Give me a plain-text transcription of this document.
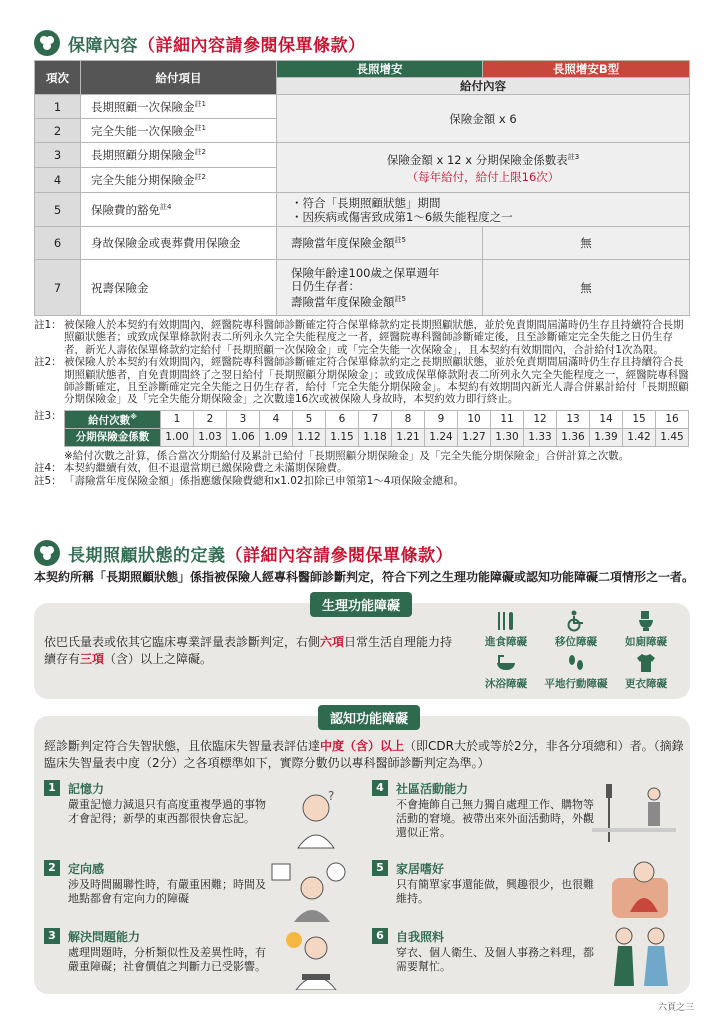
保障內容（詳細內容請參閱保單條款）
項次	給付項目	長照增安	長照增安B型
		給付內容	
1	長期照顧一次保險金$^{註1}$	保險金額 x 6	
2	完全失能一次保險金$^{註1}$
3	長期照顧分期保險金$^{註2}$	保險金額 x 12 x 分期保險金係數表$^{註3}$
（每年給付，給付上限16次）	

4	完全失能分期保險金$^{註2}$
5	保險費的豁免$^{註4}$	・符合「長期照顧狀態」期間
・因疾病或傷害致成第1～6級失能程度之一	

6	身故保險金或喪葬費用保險金	壽險當年度保險金額$^{註5}$	無
7	祝壽保險金	保險年齡達100歲之保單週年
日仍生存者：
壽險當年度保險金額$^{註5}$	無
註1： 被保險人於本契約有效期間內，經醫院專科醫師診斷確定符合保單條款約定長期照顧狀態，並於免責期間屆滿時仍生存且持續符合長期照顧狀態者；或致成保單條款附表二所列永久完全失能程度之一者，經醫院專科醫師診斷確定後，且至診斷確定完全失能之日仍生存者，新光人壽依保單條款約定給付「長期照顧一次保險金」或「完全失能一次保險金」，且本契約有效期間內，合計給付1次為限。
註2： 被保險人於本契約有效期間內，經醫院專科醫師診斷確定符合保單條款約定之長期照顧狀態，並於免責期間屆滿時仍生存且持續符合長期照顧狀態者，自免責期間終了之翌日給付「長期照顧分期保險金」；或致成保單條款附表二所列永久完全失能程度之一，經醫院專科醫師診斷確定，且至診斷確定完全失能之日仍生存者，給付「完全失能分期保險金」。本契約有效期間內新光人壽合併累計給付「長期照顧分期保險金」及「完全失能分期保險金」之次數達16次或被保險人身故時，本契約效力即行終止。
註3：	給付次數※	1	2	3	4	5	6	7	8	9	10	11	12	13	14	15	16
分期保險金係數	1.00	1.03	1.06	1.09	1.12	1.15	1.18	1.21	1.24	1.27	1.30	1.33	1.36	1.39	1.42	1.45
※給付次數之計算，係合當次分期給付及累計已給付「長期照顧分期保險金」及「完全失能分期保險金」合併計算之次數。
註4： 本契約繼續有效，但不退還當期已繳保險費之未滿期保險費。
註5： 「壽險當年度保險金額」係指應繳保險費總和x1.02扣除已申領第1～4項保險金總和。
長期照顧狀態的定義（詳細內容請參閱保單條款）
本契約所稱「長期照顧狀態」係指被保險人經專科醫師診斷判定，符合下列之生理功能障礙或認知功能障礙二項情形之一者。
生理功能障礙
依巴氏量表或依其它臨床專業評量表診斷判定，右側六項日常生活自理能力持續存有三項（含）以上之障礙。
進食障礙	移位障礙	如廁障礙
沐浴障礙	平地行動障礙	更衣障礙
認知功能障礙
經診斷判定符合失智狀態，且依臨床失智量表評估達中度（含）以上（即CDR大於或等於2分，非各分項總和）者。（摘錄臨床失智量表中度（2分）之各項標準如下，實際分數仍以專科醫師診斷判定為準。）
1	記憶力
嚴重記憶力減退只有高度重複學過的事物才會記得；新學的東西都很快會忘記。
?
2	定向感
涉及時間關聯性時，有嚴重困難；時間及地點都會有定向力的障礙
3	解決問題能力
處理問題時，分析類似性及差異性時，有嚴重障礙；社會價值之判斷力已受影響。
4	社區活動能力
不會掩飾自己無力獨自處理工作、購物等活動的窘境。被帶出來外面活動時，外觀還似正常。
5	家居嗜好
只有簡單家事還能做，興趣很少，也很難維持。
6	自我照料
穿衣、個人衛生、及個人事務之料理，都需要幫忙。
六頁之三
